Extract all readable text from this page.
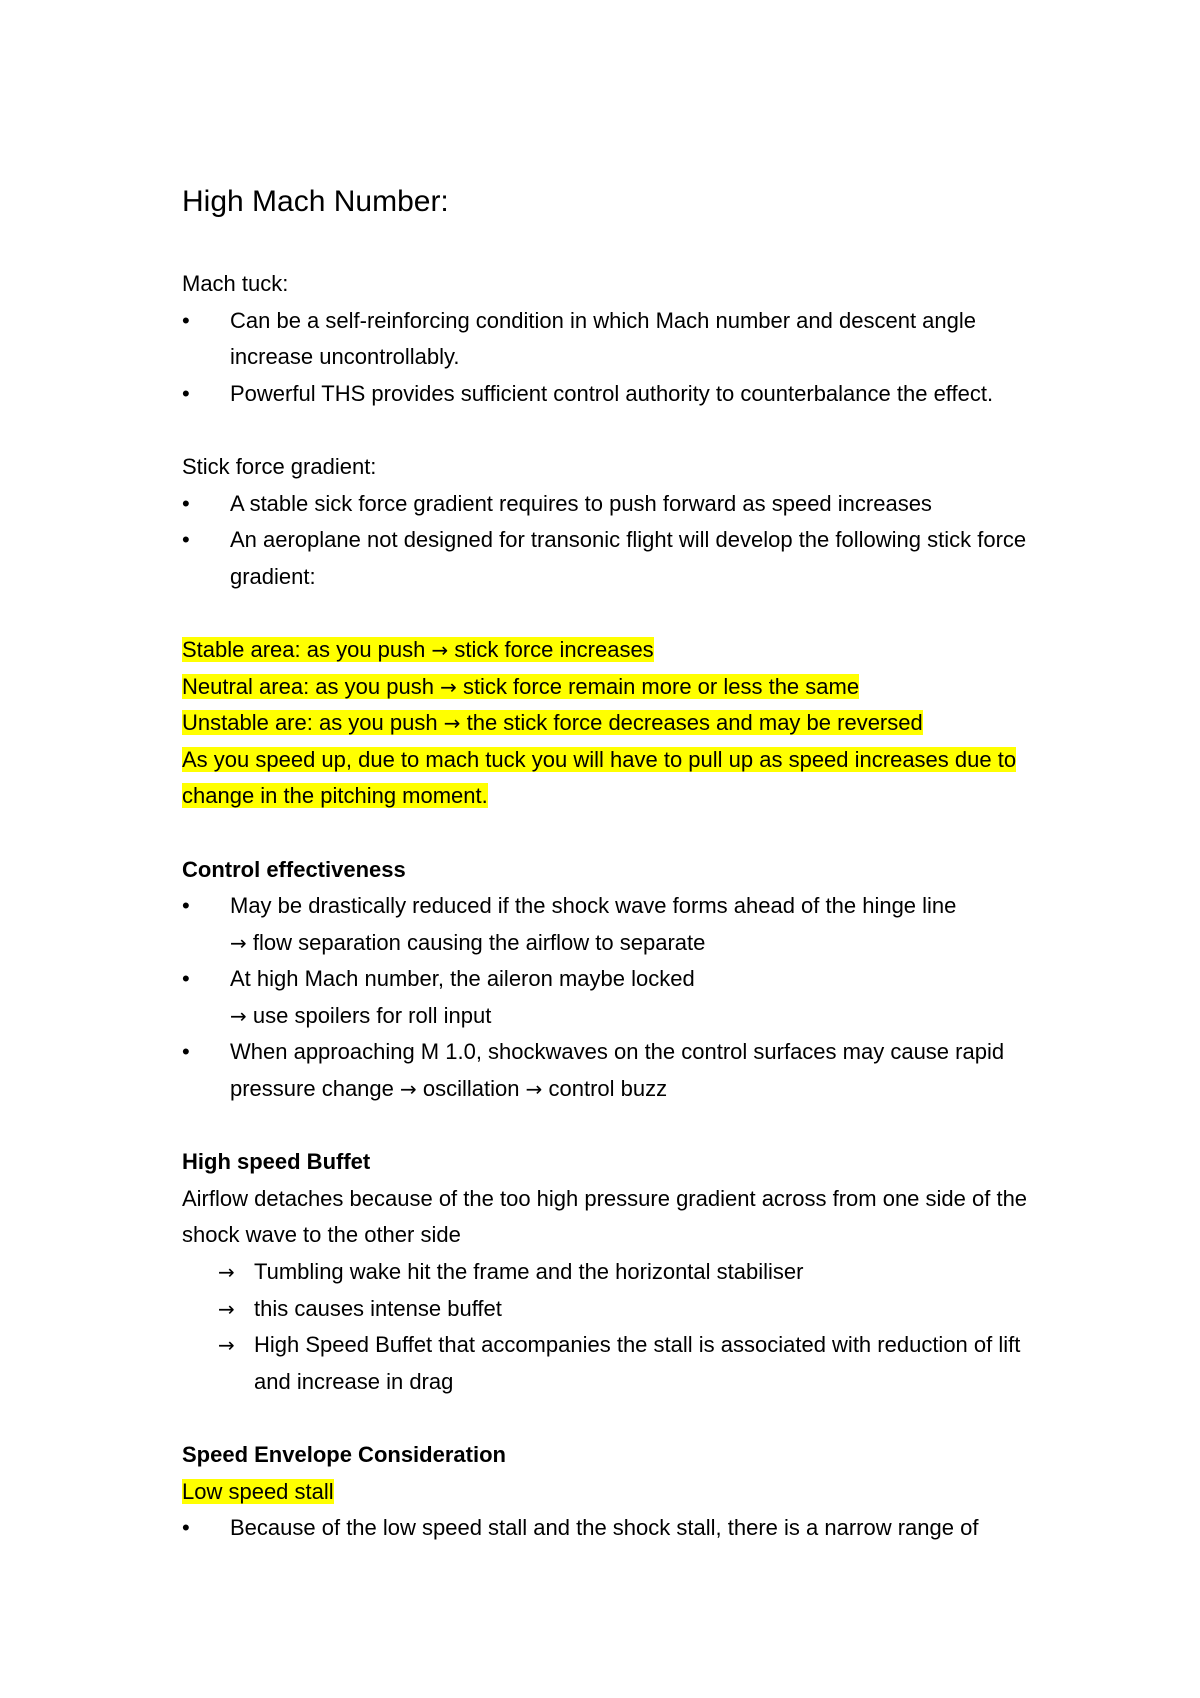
High Mach Number:

Mach tuck:

•	Can be a self-reinforcing condition in which Mach number and descent angle increase uncontrollably.
•	Powerful THS provides sufficient control authority to counterbalance the effect.

Stick force gradient:

•	A stable sick force gradient requires to push forward as speed increases
•	An aeroplane not designed for transonic flight will develop the following stick force gradient:

Stable area: as you push → stick force increases

Neutral area: as you push → stick force remain more or less the same

Unstable are: as you push → the stick force decreases and may be reversed

As you speed up, due to mach tuck you will have to pull up as speed increases due to change in the pitching moment.

Control effectiveness

•	May be drastically reduced if the shock wave forms ahead of the hinge line
→ flow separation causing the airflow to separate
•	At high Mach number, the aileron maybe locked
→ use spoilers for roll input
•	When approaching M 1.0, shockwaves on the control surfaces may cause rapid pressure change → oscillation → control buzz

High speed Buffet

Airflow detaches because of the too high pressure gradient across from one side of the shock wave to the other side

→ Tumbling wake hit the frame and the horizontal stabiliser
→ this causes intense buffet
→ High Speed Buffet that accompanies the stall is associated with reduction of lift and increase in drag

Speed Envelope Consideration

Low speed stall

•	Because of the low speed stall and the shock stall, there is a narrow range of
